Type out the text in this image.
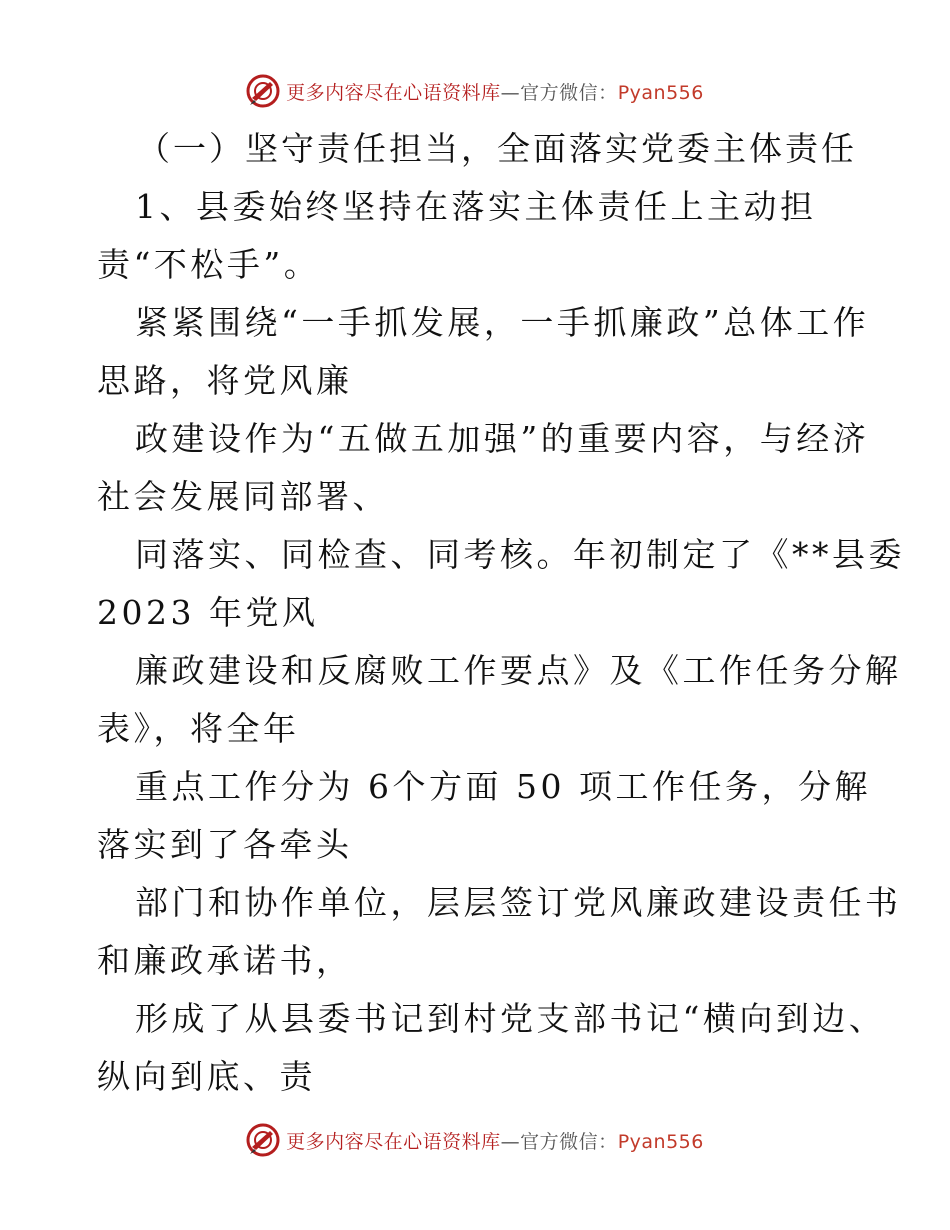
更多内容尽在心语资料库—官方微信：Pyan556
（一）坚守责任担当，全面落实党委主体责任
1、县委始终坚持在落实主体责任上主动担
责“不松手”。
紧紧围绕“一手抓发展，一手抓廉政”总体工作
思路，将党风廉
政建设作为“五做五加强”的重要内容，与经济
社会发展同部署、
同落实、同检查、同考核。年初制定了《**县委
2023 年党风
廉政建设和反腐败工作要点》及《工作任务分解
表》，将全年
重点工作分为 6个方面 50 项工作任务，分解
落实到了各牵头
部门和协作单位，层层签订党风廉政建设责任书
和廉政承诺书，
形成了从县委书记到村党支部书记“横向到边、
纵向到底、责
更多内容尽在心语资料库—官方微信：Pyan556
